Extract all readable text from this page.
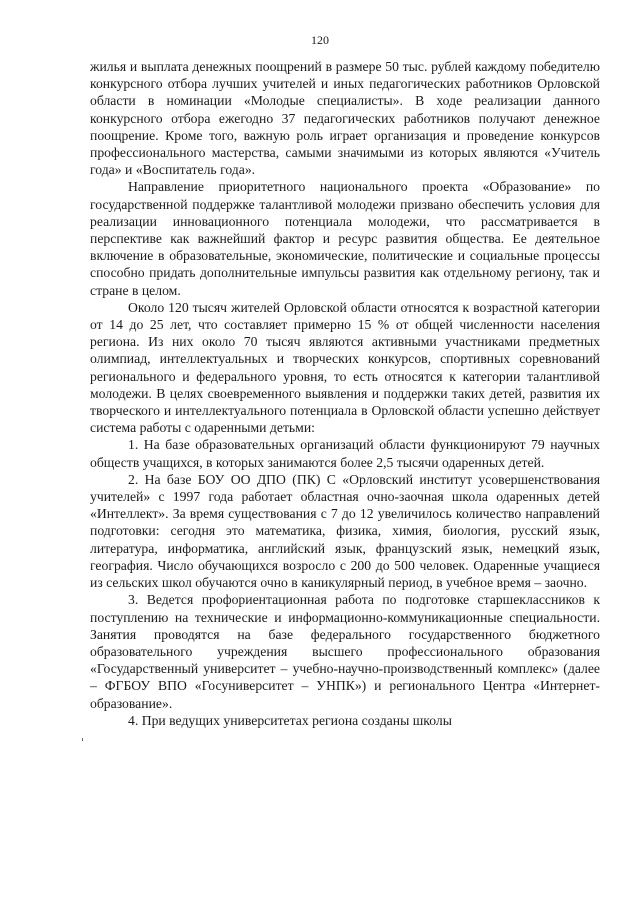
120

жилья и выплата денежных поощрений в размере 50 тыс. рублей каждому победителю конкурсного отбора лучших учителей и иных педагогических работников Орловской области в номинации «Молодые специалисты». В ходе реализации данного конкурсного отбора ежегодно 37 педагогических работников получают денежное поощрение. Кроме того, важную роль играет организация и проведение конкурсов профессионального мастерства, самыми значимыми из которых являются «Учитель года» и «Воспитатель года».

Направление приоритетного национального проекта «Образование» по государственной поддержке талантливой молодежи призвано обеспечить условия для реализации инновационного потенциала молодежи, что рассматривается в перспективе как важнейший фактор и ресурс развития общества. Ее деятельное включение в образовательные, экономические, политические и социальные процессы способно придать дополнительные импульсы развития как отдельному региону, так и стране в целом.

Около 120 тысяч жителей Орловской области относятся к возрастной категории от 14 до 25 лет, что составляет примерно 15 % от общей численности населения региона. Из них около 70 тысяч являются активными участниками предметных олимпиад, интеллектуальных и творческих конкурсов, спортивных соревнований регионального и федерального уровня, то есть относятся к категории талантливой молодежи. В целях своевременного выявления и поддержки таких детей, развития их творческого и интеллектуального потенциала в Орловской области успешно действует система работы с одаренными детьми:

1. На базе образовательных организаций области функционируют 79 научных обществ учащихся, в которых занимаются более 2,5 тысячи одаренных детей.

2. На базе БОУ ОО ДПО (ПК) С «Орловский институт усовершенствования учителей» с 1997 года работает областная очно-заочная школа одаренных детей «Интеллект». За время существования с 7 до 12 увеличилось количество направлений подготовки: сегодня это математика, физика, химия, биология, русский язык, литература, информатика, английский язык, французский язык, немецкий язык, география. Число обучающихся возросло с 200 до 500 человек. Одаренные учащиеся из сельских школ обучаются очно в каникулярный период, в учебное время – заочно.

3. Ведется профориентационная работа по подготовке старшеклассников к поступлению на технические и информационно-коммуникационные специальности. Занятия проводятся на базе федерального государственного бюджетного образовательного учреждения высшего профессионального образования «Государственный университет – учебно-научно-производственный комплекс» (далее – ФГБОУ ВПО «Госуниверситет – УНПК») и регионального Центра «Интернет-образование».

4. При ведущих университетах региона созданы школы
